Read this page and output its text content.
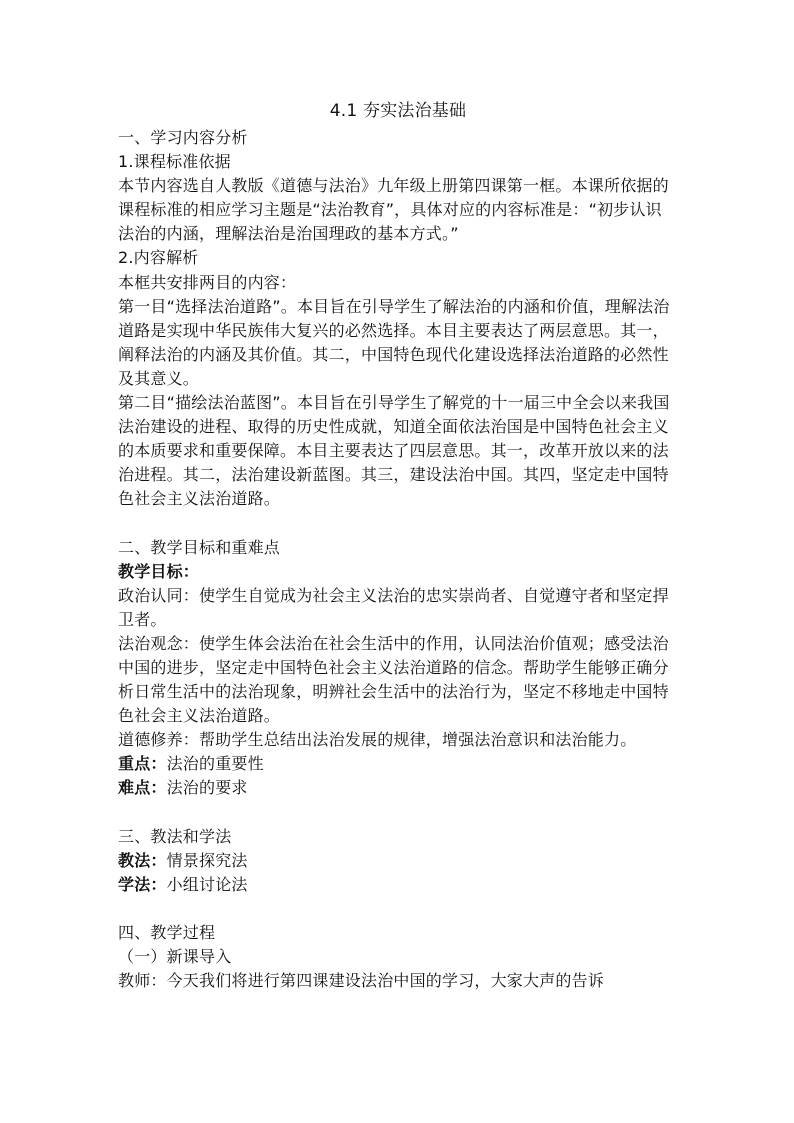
4.1 夯实法治基础

一、学习内容分析

1.课程标准依据

本节内容选自人教版《道德与法治》九年级上册第四课第一框。本课所依据的课程标准的相应学习主题是“法治教育”，具体对应的内容标准是：“初步认识法治的内涵，理解法治是治国理政的基本方式。”

2.内容解析

本框共安排两目的内容：

第一目“选择法治道路”。本目旨在引导学生了解法治的内涵和价值，理解法治道路是实现中华民族伟大复兴的必然选择。本目主要表达了两层意思。其一，阐释法治的内涵及其价值。其二，中国特色现代化建设选择法治道路的必然性及其意义。

第二目“描绘法治蓝图”。本目旨在引导学生了解党的十一届三中全会以来我国法治建设的进程、取得的历史性成就，知道全面依法治国是中国特色社会主义的本质要求和重要保障。本目主要表达了四层意思。其一，改革开放以来的法治进程。其二，法治建设新蓝图。其三，建设法治中国。其四，坚定走中国特色社会主义法治道路。

二、教学目标和重难点

教学目标：

政治认同：使学生自觉成为社会主义法治的忠实崇尚者、自觉遵守者和坚定捍卫者。

法治观念：使学生体会法治在社会生活中的作用，认同法治价值观；感受法治中国的进步，坚定走中国特色社会主义法治道路的信念。帮助学生能够正确分析日常生活中的法治现象，明辨社会生活中的法治行为，坚定不移地走中国特色社会主义法治道路。

道德修养：帮助学生总结出法治发展的规律，增强法治意识和法治能力。

重点：法治的重要性

难点：法治的要求

三、教法和学法

教法：情景探究法

学法：小组讨论法

四、教学过程

（一）新课导入

教师：今天我们将进行第四课建设法治中国的学习，大家大声的告诉
